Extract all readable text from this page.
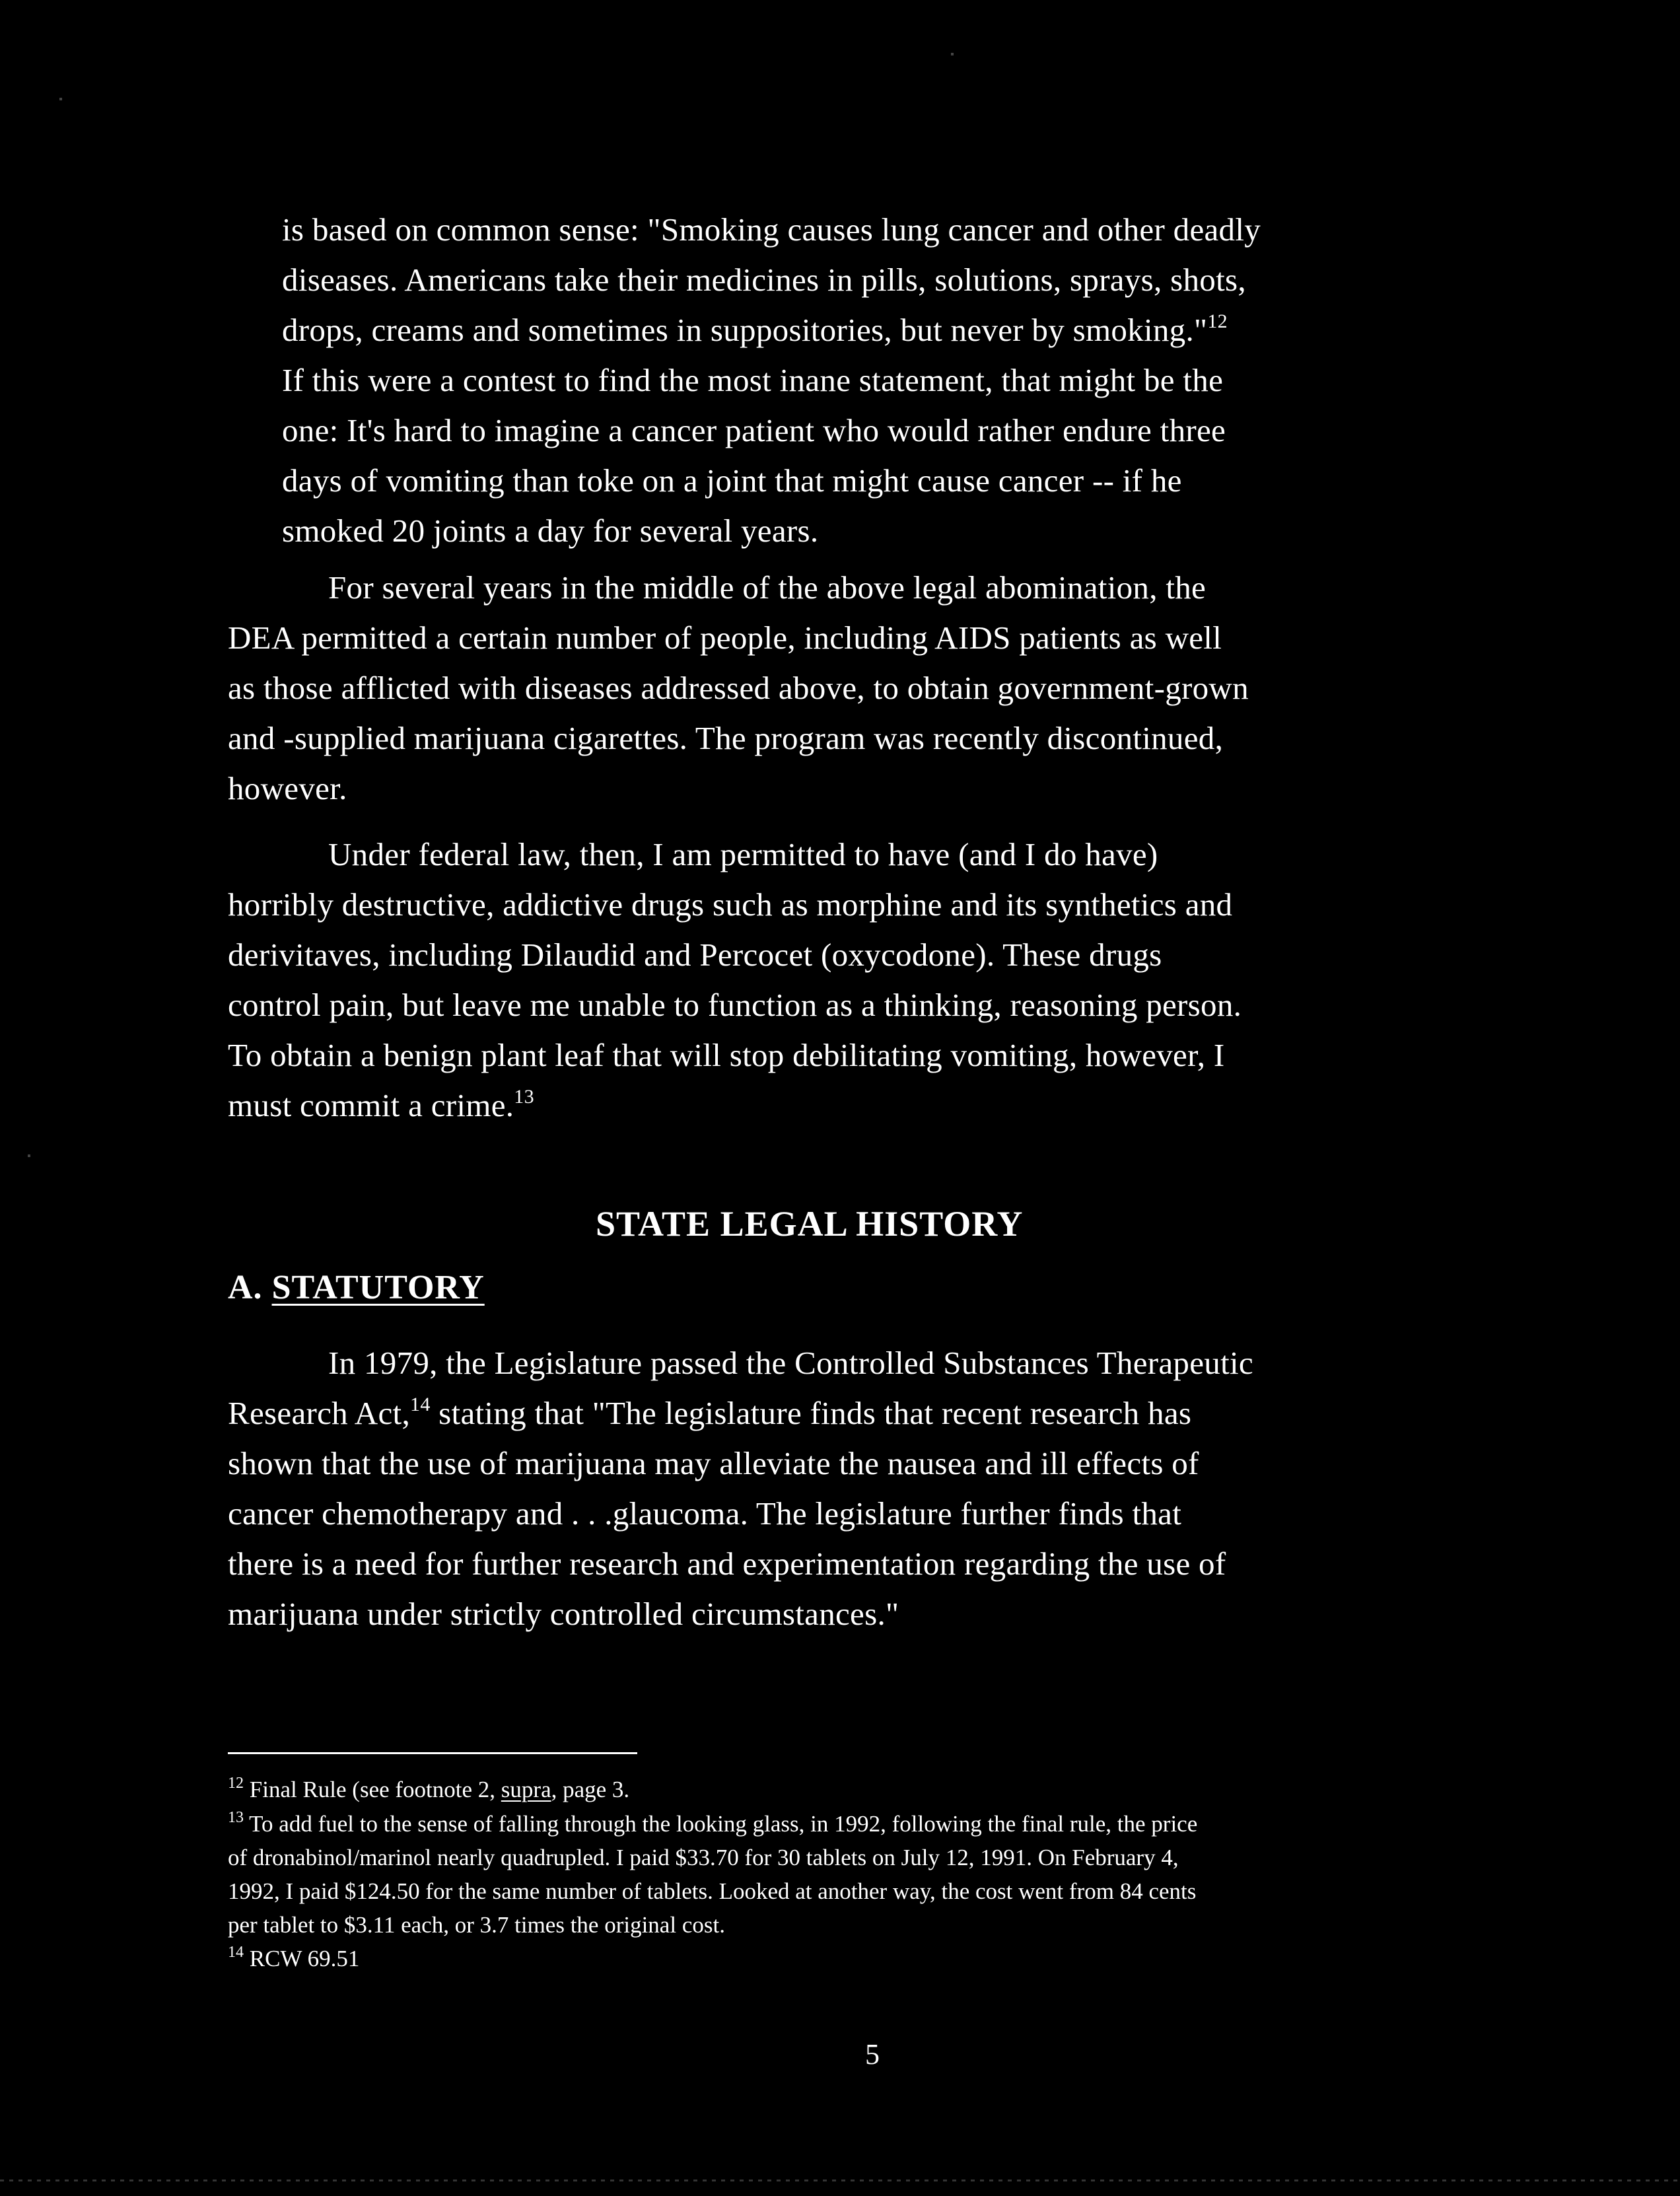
is based on common sense: "Smoking causes lung cancer and other deadly
diseases. Americans take their medicines in pills, solutions, sprays, shots,
drops, creams and sometimes in suppositories, but never by smoking."$^{12}$
If this were a contest to find the most inane statement, that might be the
one: It's hard to imagine a cancer patient who would rather endure three
days of vomiting than toke on a joint that might cause cancer -- if he
smoked 20 joints a day for several years.
For several years in the middle of the above legal abomination, the
DEA permitted a certain number of people, including AIDS patients as well
as those afflicted with diseases addressed above, to obtain government-grown
and -supplied marijuana cigarettes. The program was recently discontinued,
however.
Under federal law, then, I am permitted to have (and I do have)
horribly destructive, addictive drugs such as morphine and its synthetics and
derivitaves, including Dilaudid and Percocet (oxycodone). These drugs
control pain, but leave me unable to function as a thinking, reasoning person.
To obtain a benign plant leaf that will stop debilitating vomiting, however, I
must commit a crime.$^{13}$
STATE LEGAL HISTORY
A. STATUTORY
In 1979, the Legislature passed the Controlled Substances Therapeutic
Research Act,$^{14}$ stating that "The legislature finds that recent research has
shown that the use of marijuana may alleviate the nausea and ill effects of
cancer chemotherapy and . . .glaucoma. The legislature further finds that
there is a need for further research and experimentation regarding the use of
marijuana under strictly controlled circumstances."
$^{12}$ Final Rule (see footnote 2, supra, page 3.
$^{13}$ To add fuel to the sense of falling through the looking glass, in 1992, following the final rule, the price
of dronabinol/marinol nearly quadrupled. I paid $33.70 for 30 tablets on July 12, 1991. On February 4,
1992, I paid $124.50 for the same number of tablets. Looked at another way, the cost went from 84 cents
per tablet to $3.11 each, or 3.7 times the original cost.
$^{14}$ RCW 69.51
5
